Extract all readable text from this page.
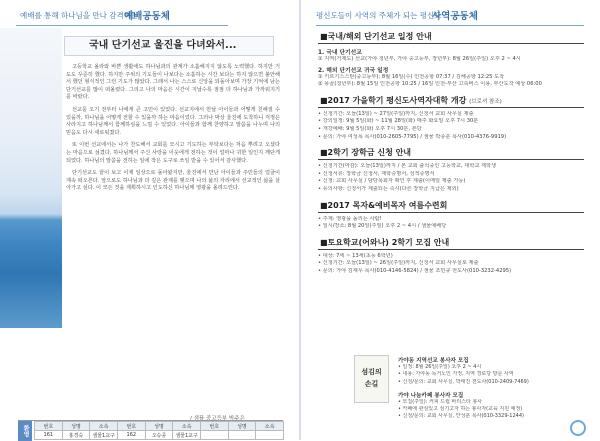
예배를 통해 하나님을 만나 감격하는
예배공동체
국내 단기선교 울진을 다녀와서...

고등학교 올라와 바쁜 생활에도 하나님과의 관계가 소홀해지지 않도록 노력했다. 하지만 기도도 꾸준히 했다. 하지만 주위의 기도들이 나보다는 소홀하는 시간 보다는 하지 않으면 불안해서 했던 형식적인 그런 기도가 많았다. 그래서 나는 스스로 신앙을 되돌아보며 가장 기억에 남는 단기선교를 많이 떠올렸다. 그리고 나의 마음은 시간이 지날수록 점점 더 하나님과 가까워지기를 바랐다.

선교를 오기 전부터 나에게 큰 고민이 있었다. 선교지에서 만날 아이들과 어떻게 친해질 수 있을까, 하나님을 어떻게 전할 수 있을까 하는 마음이었다. 그러나 막상 울진에 도착하니 걱정은 사라지고 하나님께서 함께하심을 느낄 수 있었다. 아이들과 함께 찬양하고 말씀을 나누며 나의 믿음도 다시 새로워졌다.

또 이번 선교에서는 나가 찬도해서 교회를 모시고 기도하는 부탁보다는 처음 뿌려고 오셨다는 마음으로 섬겼다. 하나님께서 주신 사랑을 이웃에게 전하는 것이 얼마나 귀한 일인지 깨닫게 되었다. 하나님의 말씀을 전하는 일에 작은 도구로 쓰임 받을 수 있어서 감사했다.

단기선교도 끝이 보고 이제 일상으로 돌아왔지만, 울진에서 만난 아이들과 주민들의 얼굴이 계속 떠오른다. 앞으로도 하나님과 더 깊은 관계를 맺으며 나의 삶의 자리에서 선교적인 삶을 살아가고 싶다. 이 모든 것을 계획하시고 인도하신 하나님께 영광을 올려드린다.

/ 샘플 중고등부 박주은
환영	번호	성명	소속	번호	성명	소속	번호	성명	소속
161	홍경숙	샘물1교구	162	오승종	샘물1교구			
평신도들이 사역의 주체가 되는 평신도
사역공동체
■국내/해외 단기선교 일정 안내
1. 국내 단기선교
① 지역(거제도) 선교(가야 청년부, 가야 중고등부, 장년부): 8월 26일(주일) 오후 2 ~ 4시
2. 해외 단기선교 귀국 일정
① 키르기스스탄(중고등부): 8월 16일(수) 인천공항 07:37 / 김해공항 12:25 도착
② 몽골(청년부): 8월 15일 인천공항 10:25 / 16일 인천-부산 고속버스 이용, 부산도착 예상 06:00
■2017 가을학기 평신도사역자대학 개강 (브로셔 참조)
• 신청기간: 오늘(13일) ~ 27일(주일)까지, 신청서 교회 사무실 제출
• 강의일정: 9월 5일(화) ~ 11월 28일(화) 매주 화요일 오후 7시 30분
• 개강예배: 9월 5일(화) 오후 7시 30분, 본당
• 문의: 가야 여성목 목사(010-2605-7795) / 샘물 박종훈 목사(010-4376-9919)
■2학기 장학금 신청 안내
• 신청기간(마감): 오늘(13일)까지 / 본 교회 출석중인 고등학교, 대학교 재학생
• 신청서류: 장학금 신청서, 재학증명서, 성적증명서
• 신청: 교회 사무실 / 담당목회자 확인 후 제출(이메일 제출 가능)
• 유의사항: 신청서가 제출되는 즉시(다른 장학금 지급은 제외)
■2017 목자&예비목자 여름수련회
• 주제: 영광을 돌리는 사람!
• 일시/장소: 8월 20일(주일) 오후 2 ~ 4시 / 샘물예배당
■토요학교(어와나) 2학기 모집 안내
• 대상: 7세 ~ 13세(초등 6학년)
• 신청기간: 오늘(13일) ~ 26일(주일)까지, 신청서 교회 사무실로 제출
• 문의: 가야 김재우 목사(010-4146-5824) / 샘물 조민규 전도사(010-3232-4295)
섬김의
손길
가야동 지역선교 봉사자 모집
• 일정: 8월 26일(주일) 오후 2 ~ 4시
• 내용: 가야동 독거노인 가정, 지역 경로당 방문 사역
• 신청/문의: 교회 사무실, 박태진 전도사(010-2409-7469)
가야 나눔카페 봉사자 모집
• 모집(주일): 커피 드립 바리스타 봉사
• 카페에 관심있고 섬기고자 하는 봉사자(교육 지원 예정)
• 신청/문의: 교회 사무실, 안성훈 목사(010-3329-1244)
